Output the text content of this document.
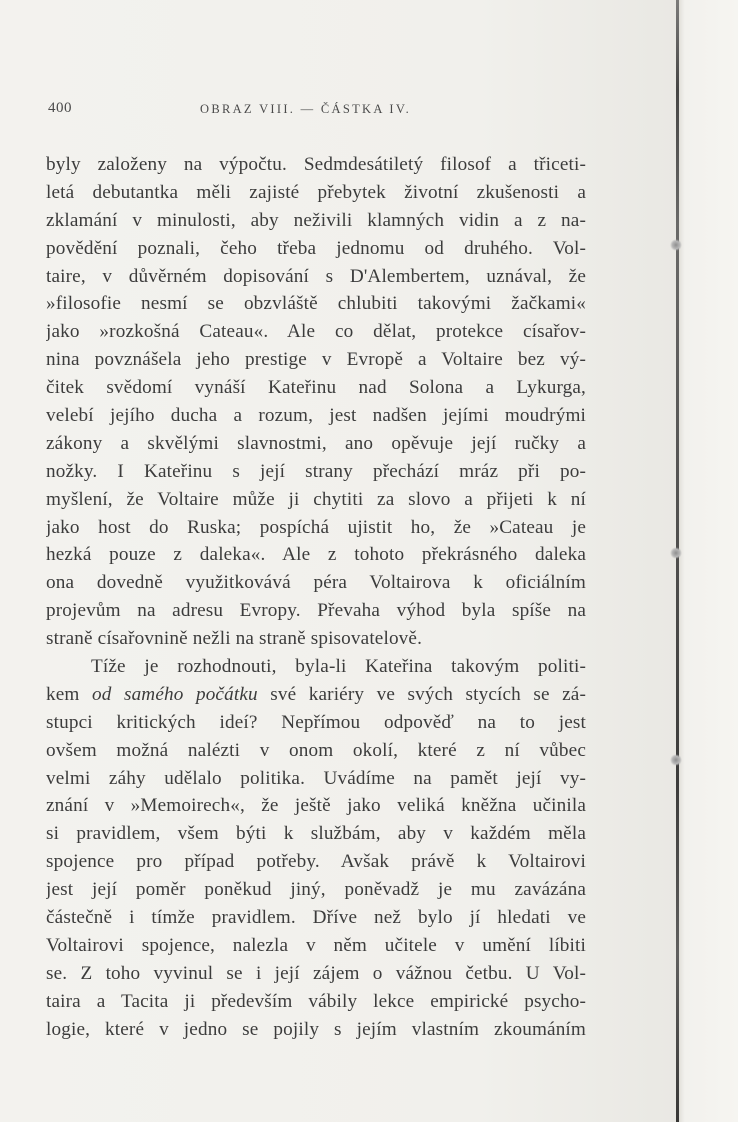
400	OBRAZ VIII. — ČÁSTKA IV.
byly založeny na výpočtu. Sedmdesátiletý filosof a třiceti-
letá debutantka měli zajisté přebytek životní zkušenosti a
zklamání v minulosti, aby neživili klamných vidin a z na-
povědění poznali, čeho třeba jednomu od druhého. Vol-
taire, v důvěrném dopisování s D'Alembertem, uznával, že
»filosofie nesmí se obzvláště chlubiti takovými žačkami«
jako »rozkošná Cateau«. Ale co dělat, protekce císařov-
nina povznášela jeho prestige v Evropě a Voltaire bez vý-
čitek svědomí vynáší Kateřinu nad Solona a Lykurga,
velebí jejího ducha a rozum, jest nadšen jejími moudrými
zákony a skvělými slavnostmi, ano opěvuje její ručky a
nožky. I Kateřinu s její strany přechází mráz při po-
myšlení, že Voltaire může ji chytiti za slovo a přijeti k ní
jako host do Ruska; pospíchá ujistit ho, že »Cateau je
hezká pouze z daleka«. Ale z tohoto překrásného daleka
ona dovedně využitkovává péra Voltairova k oficiálním
projevům na adresu Evropy. Převaha výhod byla spíše na
straně císařovnině nežli na straně spisovatelově.
Tíže je rozhodnouti, byla-li Kateřina takovým politi-
kem od samého počátku své kariéry ve svých stycích se zá-
stupci kritických ideí? Nepřímou odpověď na to jest
ovšem možná nalézti v onom okolí, které z ní vůbec
velmi záhy udělalo politika. Uvádíme na pamět její vy-
znání v »Memoirech«, že ještě jako veliká kněžna učinila
si pravidlem, všem býti k službám, aby v každém měla
spojence pro případ potřeby. Avšak právě k Voltairovi
jest její poměr poněkud jiný, poněvadž je mu zavázána
částečně i tímže pravidlem. Dříve než bylo jí hledati ve
Voltairovi spojence, nalezla v něm učitele v umění líbiti
se. Z toho vyvinul se i její zájem o vážnou četbu. U Vol-
taira a Tacita ji především vábily lekce empirické psycho-
logie, které v jedno se pojily s jejím vlastním zkoumáním
